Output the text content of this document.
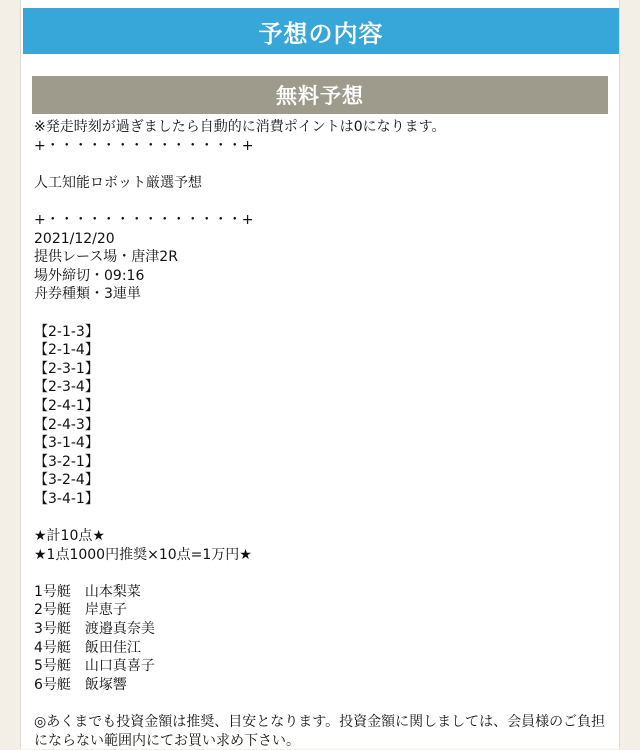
予想の内容
無料予想
※発走時刻が過ぎましたら自動的に消費ポイントは0になります。
+・・・・・・・・・・・・・・+
人工知能ロボット厳選予想
+・・・・・・・・・・・・・・+
2021/12/20
提供レース場・唐津2R
場外締切・09:16
舟券種類・3連単
【2-1-3】
【2-1-4】
【2-3-1】
【2-3-4】
【2-4-1】
【2-4-3】
【3-1-4】
【3-2-1】
【3-2-4】
【3-4-1】
★計10点★
★1点1000円推奨×10点=1万円★
1号艇　山本梨菜
2号艇　岸恵子
3号艇　渡邉真奈美
4号艇　飯田佳江
5号艇　山口真喜子
6号艇　飯塚響
◎あくまでも投資金額は推奨、目安となります。投資金額に関しましては、会員様のご負担にならない範囲内にてお買い求め下さい。
